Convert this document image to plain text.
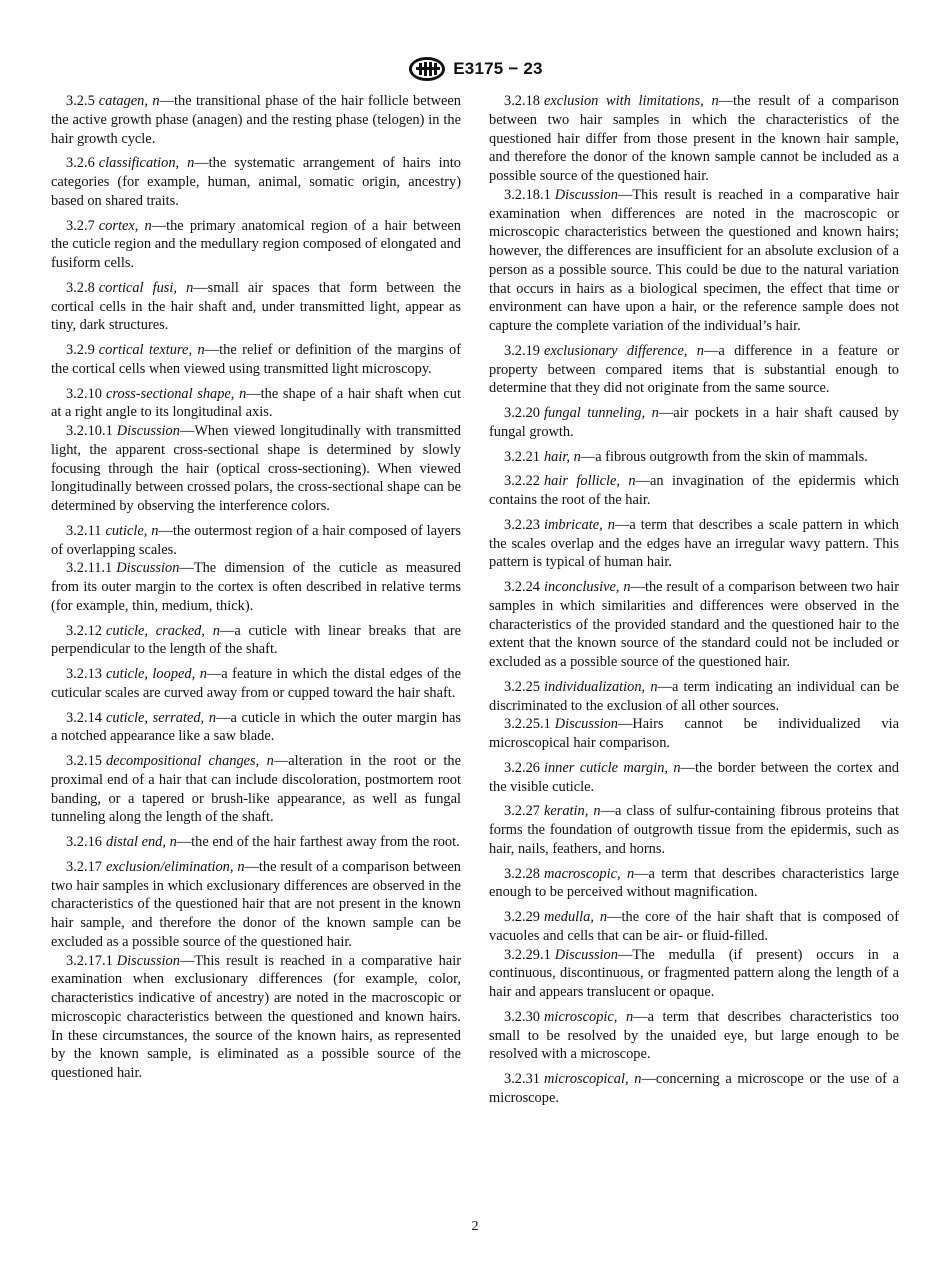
E3175 − 23

3.2.5 catagen, n—the transitional phase of the hair follicle between the active growth phase (anagen) and the resting phase (telogen) in the hair growth cycle.

3.2.6 classification, n—the systematic arrangement of hairs into categories (for example, human, animal, somatic origin, ancestry) based on shared traits.

3.2.7 cortex, n—the primary anatomical region of a hair between the cuticle region and the medullary region composed of elongated and fusiform cells.

3.2.8 cortical fusi, n—small air spaces that form between the cortical cells in the hair shaft and, under transmitted light, appear as tiny, dark structures.

3.2.9 cortical texture, n—the relief or definition of the margins of the cortical cells when viewed using transmitted light microscopy.

3.2.10 cross-sectional shape, n—the shape of a hair shaft when cut at a right angle to its longitudinal axis.

3.2.10.1 Discussion—When viewed longitudinally with transmitted light, the apparent cross-sectional shape is determined by slowly focusing through the hair (optical cross-sectioning). When viewed longitudinally between crossed polars, the cross-sectional shape can be determined by observing the interference colors.

3.2.11 cuticle, n—the outermost region of a hair composed of layers of overlapping scales.

3.2.11.1 Discussion—The dimension of the cuticle as measured from its outer margin to the cortex is often described in relative terms (for example, thin, medium, thick).

3.2.12 cuticle, cracked, n—a cuticle with linear breaks that are perpendicular to the length of the shaft.

3.2.13 cuticle, looped, n—a feature in which the distal edges of the cuticular scales are curved away from or cupped toward the hair shaft.

3.2.14 cuticle, serrated, n—a cuticle in which the outer margin has a notched appearance like a saw blade.

3.2.15 decompositional changes, n—alteration in the root or the proximal end of a hair that can include discoloration, postmortem root banding, or a tapered or brush-like appearance, as well as fungal tunneling along the length of the shaft.

3.2.16 distal end, n—the end of the hair farthest away from the root.

3.2.17 exclusion/elimination, n—the result of a comparison between two hair samples in which exclusionary differences are observed in the characteristics of the questioned hair that are not present in the known hair sample, and therefore the donor of the known sample can be excluded as a possible source of the questioned hair.

3.2.17.1 Discussion—This result is reached in a comparative hair examination when exclusionary differences (for example, color, characteristics indicative of ancestry) are noted in the macroscopic or microscopic characteristics between the questioned and known hairs. In these circumstances, the source of the known hairs, as represented by the known sample, is eliminated as a possible source of the questioned hair.

3.2.18 exclusion with limitations, n—the result of a comparison between two hair samples in which the characteristics of the questioned hair differ from those present in the known hair sample, and therefore the donor of the known sample cannot be included as a possible source of the questioned hair.

3.2.18.1 Discussion—This result is reached in a comparative hair examination when differences are noted in the macroscopic or microscopic characteristics between the questioned and known hairs; however, the differences are insufficient for an absolute exclusion of a person as a possible source. This could be due to the natural variation that occurs in hairs as a biological specimen, the effect that time or environment can have upon a hair, or the reference sample does not capture the complete variation of the individual’s hair.

3.2.19 exclusionary difference, n—a difference in a feature or property between compared items that is substantial enough to determine that they did not originate from the same source.

3.2.20 fungal tunneling, n—air pockets in a hair shaft caused by fungal growth.

3.2.21 hair, n—a fibrous outgrowth from the skin of mammals.

3.2.22 hair follicle, n—an invagination of the epidermis which contains the root of the hair.

3.2.23 imbricate, n—a term that describes a scale pattern in which the scales overlap and the edges have an irregular wavy pattern. This pattern is typical of human hair.

3.2.24 inconclusive, n—the result of a comparison between two hair samples in which similarities and differences were observed in the characteristics of the provided standard and the questioned hair to the extent that the known source of the standard could not be included or excluded as a possible source of the questioned hair.

3.2.25 individualization, n—a term indicating an individual can be discriminated to the exclusion of all other sources.

3.2.25.1 Discussion—Hairs cannot be individualized via microscopical hair comparison.

3.2.26 inner cuticle margin, n—the border between the cortex and the visible cuticle.

3.2.27 keratin, n—a class of sulfur-containing fibrous proteins that forms the foundation of outgrowth tissue from the epidermis, such as hair, nails, feathers, and horns.

3.2.28 macroscopic, n—a term that describes characteristics large enough to be perceived without magnification.

3.2.29 medulla, n—the core of the hair shaft that is composed of vacuoles and cells that can be air- or fluid-filled.

3.2.29.1 Discussion—The medulla (if present) occurs in a continuous, discontinuous, or fragmented pattern along the length of a hair and appears translucent or opaque.

3.2.30 microscopic, n—a term that describes characteristics too small to be resolved by the unaided eye, but large enough to be resolved with a microscope.

3.2.31 microscopical, n—concerning a microscope or the use of a microscope.

2
